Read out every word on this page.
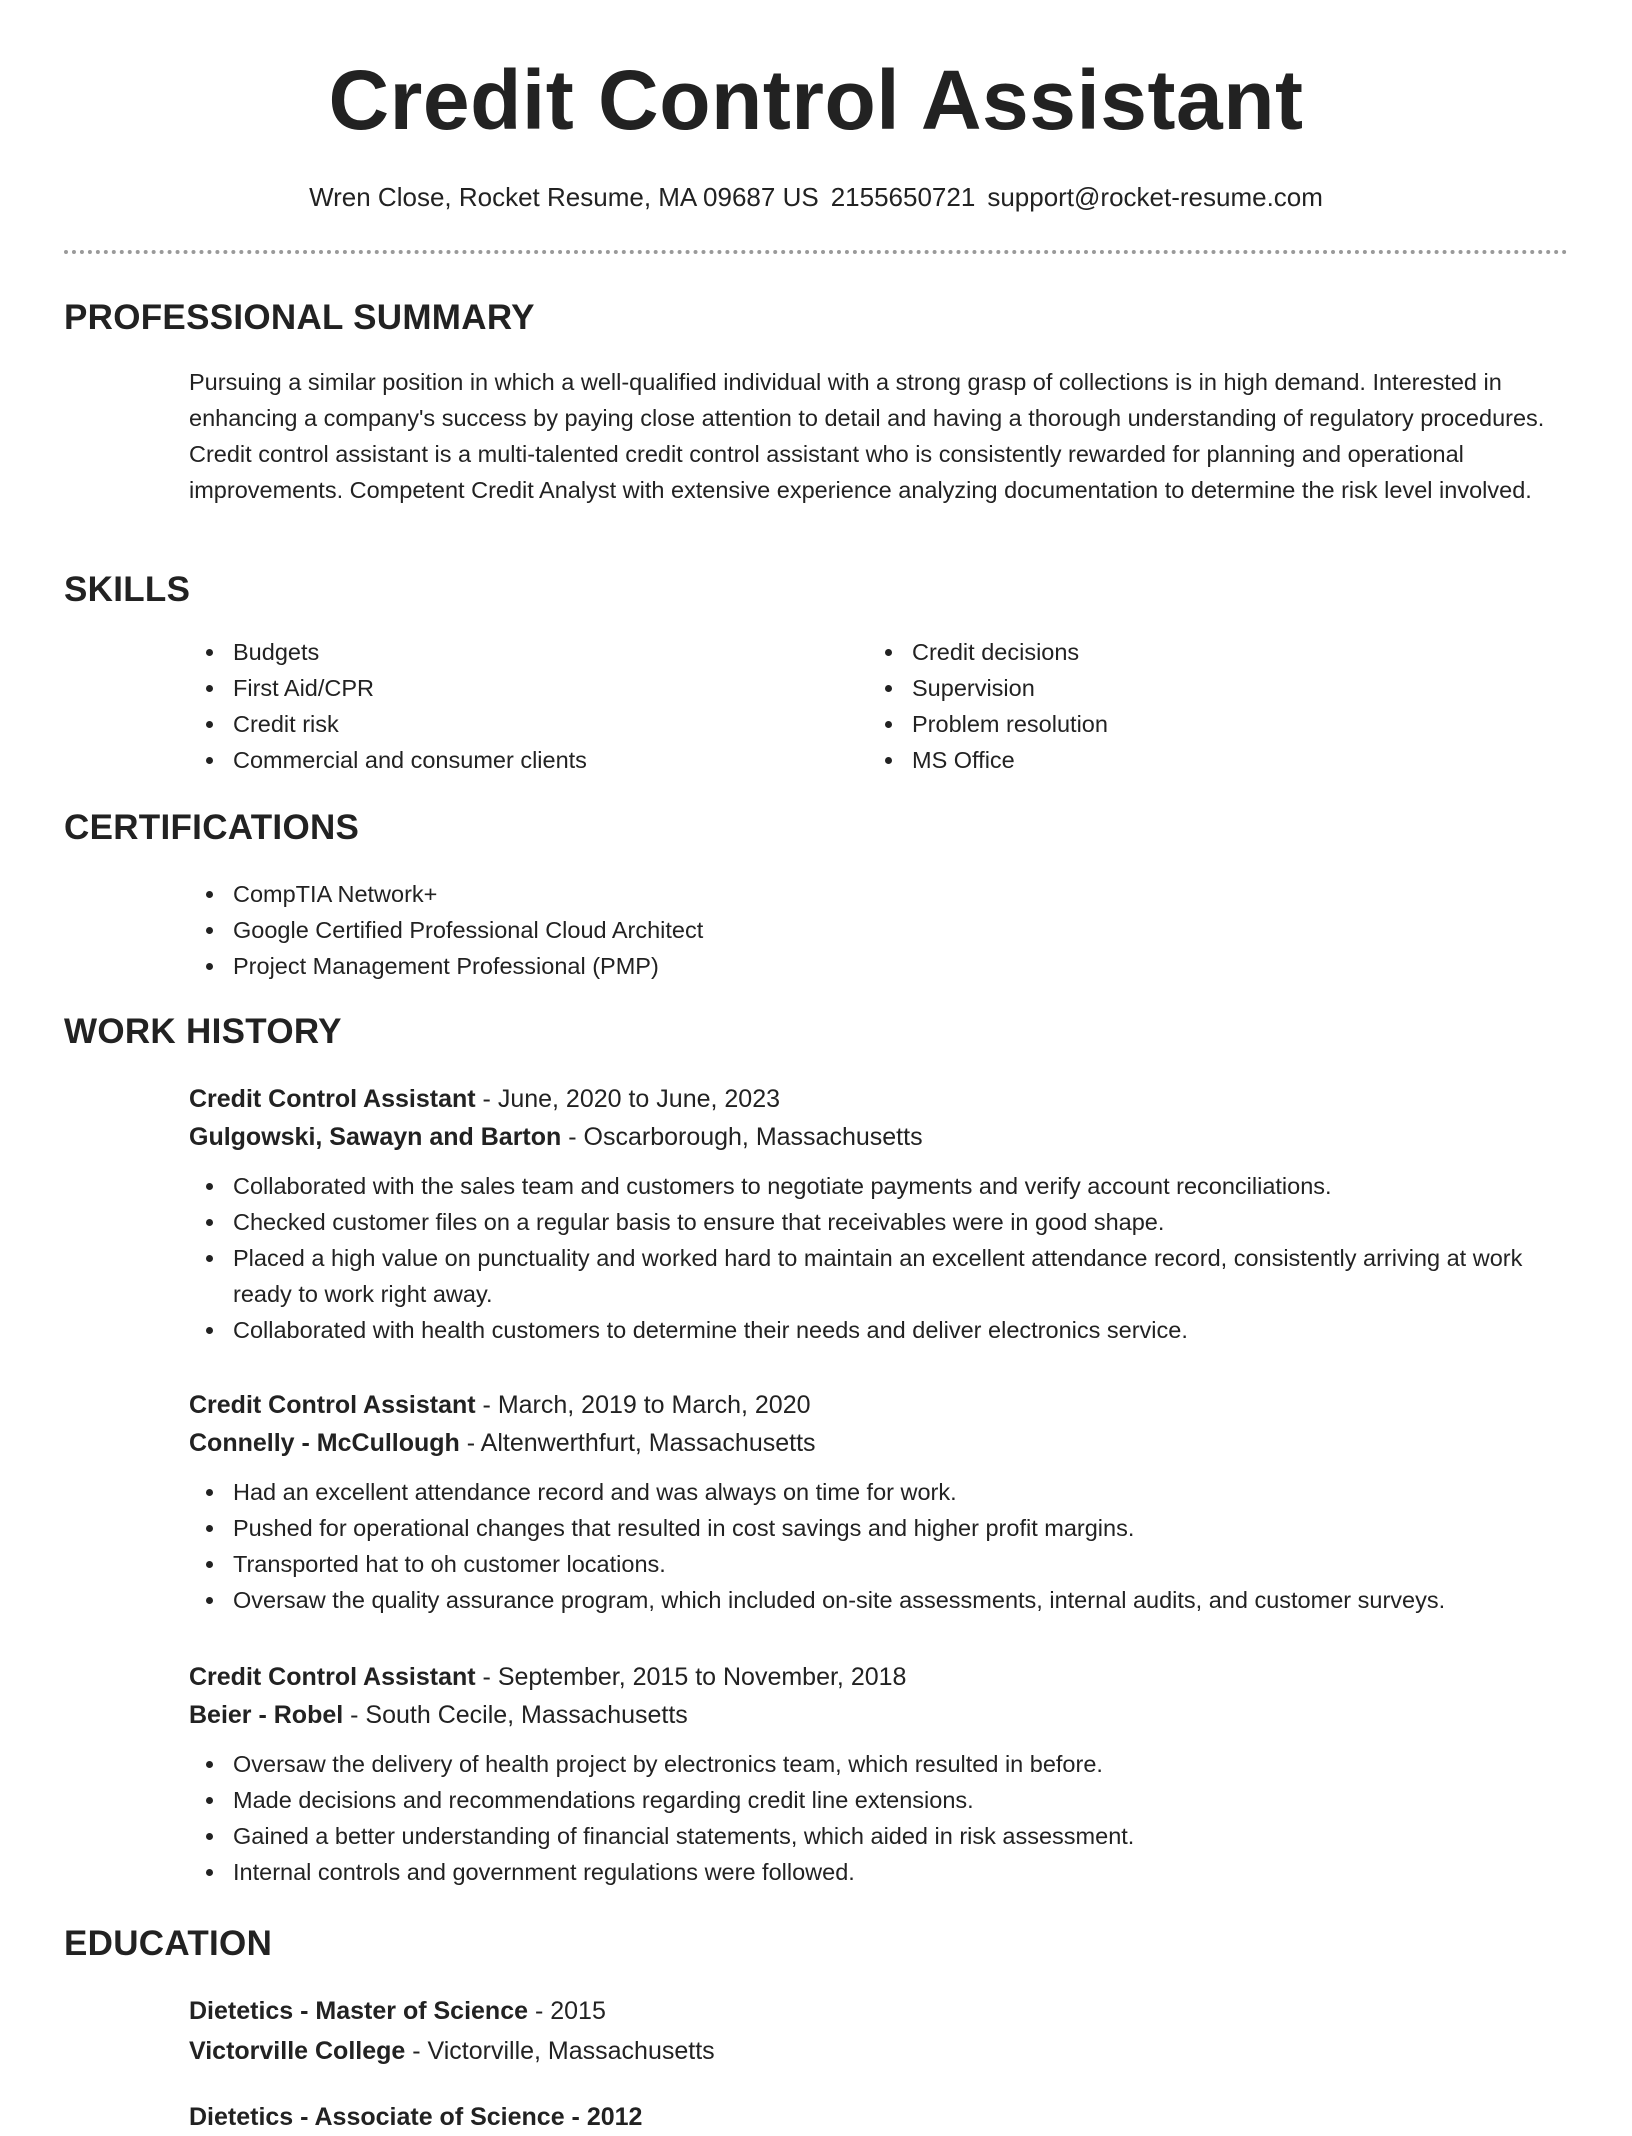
Credit Control Assistant
Wren Close, Rocket Resume, MA 09687 US 2155650721 support@rocket-resume.com
PROFESSIONAL SUMMARY

Pursuing a similar position in which a well-qualified individual with a strong grasp of collections is in high demand. Interested in enhancing a company's success by paying close attention to detail and having a thorough understanding of regulatory procedures. Credit control assistant is a multi-talented credit control assistant who is consistently rewarded for planning and operational improvements. Competent Credit Analyst with extensive experience analyzing documentation to determine the risk level involved.

SKILLS
Budgets
First Aid/CPR
Credit risk
Commercial and consumer clients
Credit decisions
Supervision
Problem resolution
MS Office
CERTIFICATIONS
CompTIA Network+
Google Certified Professional Cloud Architect
Project Management Professional (PMP)
WORK HISTORY
Credit Control Assistant - June, 2020 to June, 2023
Gulgowski, Sawayn and Barton - Oscarborough, Massachusetts
Collaborated with the sales team and customers to negotiate payments and verify account reconciliations.
Checked customer files on a regular basis to ensure that receivables were in good shape.
Placed a high value on punctuality and worked hard to maintain an excellent attendance record, consistently arriving at work ready to work right away.
Collaborated with health customers to determine their needs and deliver electronics service.
Credit Control Assistant - March, 2019 to March, 2020
Connelly - McCullough - Altenwerthfurt, Massachusetts
Had an excellent attendance record and was always on time for work.
Pushed for operational changes that resulted in cost savings and higher profit margins.
Transported hat to oh customer locations.
Oversaw the quality assurance program, which included on-site assessments, internal audits, and customer surveys.
Credit Control Assistant - September, 2015 to November, 2018
Beier - Robel - South Cecile, Massachusetts
Oversaw the delivery of health project by electronics team, which resulted in before.
Made decisions and recommendations regarding credit line extensions.
Gained a better understanding of financial statements, which aided in risk assessment.
Internal controls and government regulations were followed.
EDUCATION
Dietetics - Master of Science - 2015
Victorville College - Victorville, Massachusetts
Dietetics - Associate of Science - 2012
